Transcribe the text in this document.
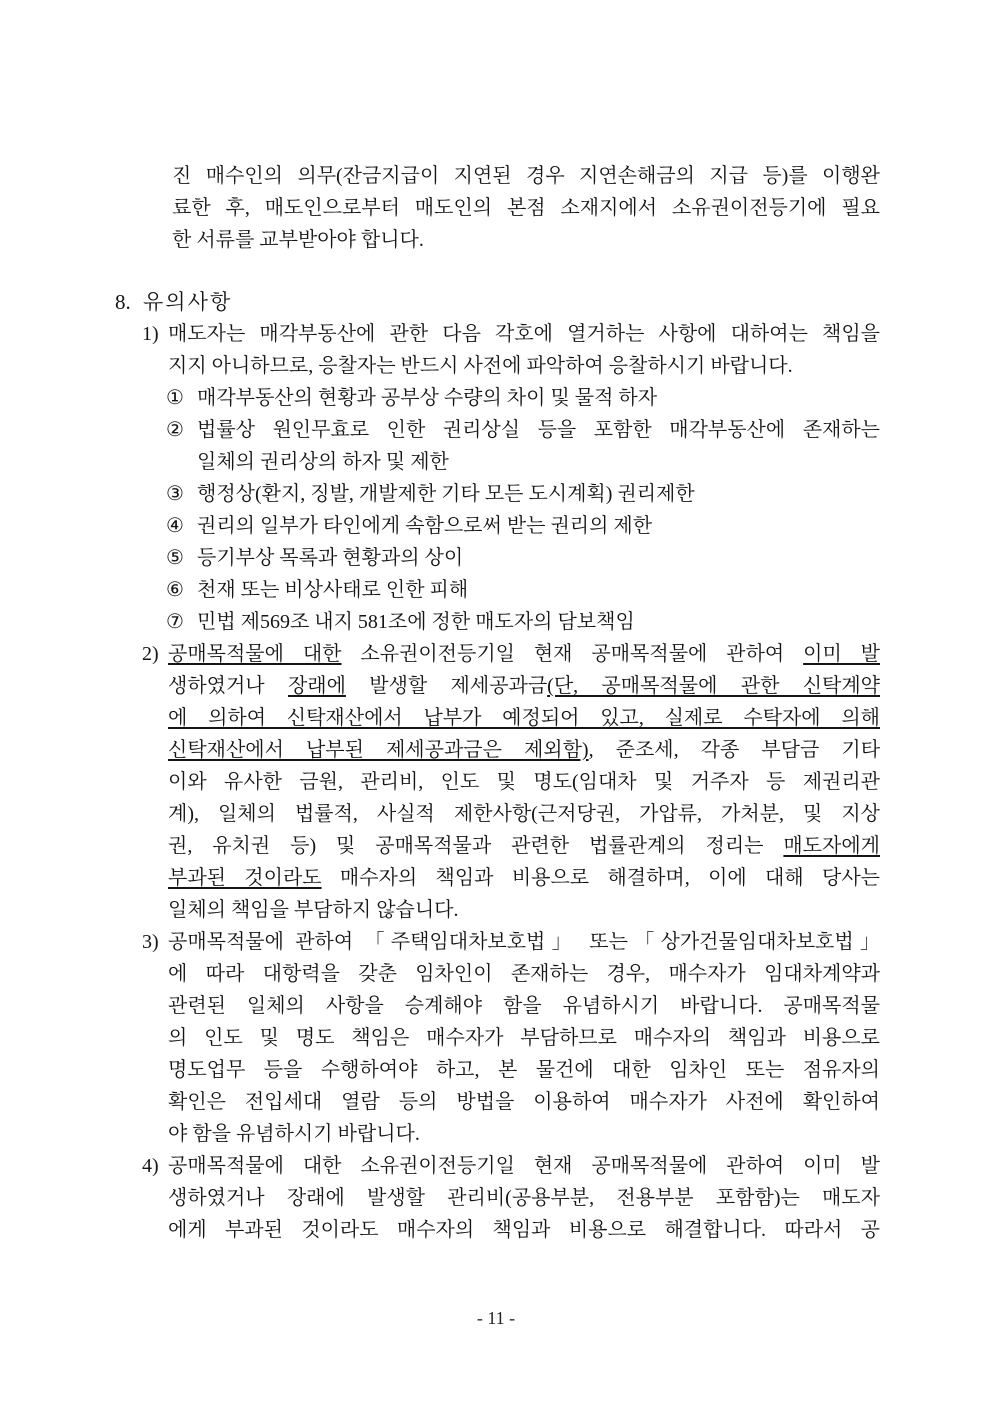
진 매수인의 의무(잔금지급이 지연된 경우 지연손해금의 지급 등)를 이행완
료한 후, 매도인으로부터 매도인의 본점 소재지에서 소유권이전등기에 필요
한 서류를 교부받아야 합니다.
8. 유의사항
1) 매도자는 매각부동산에 관한 다음 각호에 열거하는 사항에 대하여는 책임을
지지 아니하므로, 응찰자는 반드시 사전에 파악하여 응찰하시기 바랍니다.
① 매각부동산의 현황과 공부상 수량의 차이 및 물적 하자
② 법률상 원인무효로 인한 권리상실 등을 포함한 매각부동산에 존재하는
일체의 권리상의 하자 및 제한
③ 행정상(환지, 징발, 개발제한 기타 모든 도시계획) 권리제한
④ 권리의 일부가 타인에게 속함으로써 받는 권리의 제한
⑤ 등기부상 목록과 현황과의 상이
⑥ 천재 또는 비상사태로 인한 피해
⑦ 민법 제569조 내지 581조에 정한 매도자의 담보책임
2) 공매목적물에 대한 소유권이전등기일 현재 공매목적물에 관하여 이미 발
생하였거나 장래에 발생할 제세공과금(단, 공매목적물에 관한 신탁계약
에 의하여 신탁재산에서 납부가 예정되어 있고, 실제로 수탁자에 의해
신탁재산에서 납부된 제세공과금은 제외함), 준조세, 각종 부담금 기타
이와 유사한 금원, 관리비, 인도 및 명도(임대차 및 거주자 등 제권리관
계), 일체의 법률적, 사실적 제한사항(근저당권, 가압류, 가처분, 및 지상
권, 유치권 등) 및 공매목적물과 관련한 법률관계의 정리는 매도자에게
부과된 것이라도 매수자의 책임과 비용으로 해결하며, 이에 대해 당사는
일체의 책임을 부담하지 않습니다.
3) 공매목적물에 관하여 「주택임대차보호법」 또는「상가건물임대차보호법」
에 따라 대항력을 갖춘 임차인이 존재하는 경우, 매수자가 임대차계약과
관련된 일체의 사항을 승계해야 함을 유념하시기 바랍니다. 공매목적물
의 인도 및 명도 책임은 매수자가 부담하므로 매수자의 책임과 비용으로
명도업무 등을 수행하여야 하고, 본 물건에 대한 임차인 또는 점유자의
확인은 전입세대 열람 등의 방법을 이용하여 매수자가 사전에 확인하여
야 함을 유념하시기 바랍니다.
4) 공매목적물에 대한 소유권이전등기일 현재 공매목적물에 관하여 이미 발
생하였거나 장래에 발생할 관리비(공용부분, 전용부분 포함함)는 매도자
에게 부과된 것이라도 매수자의 책임과 비용으로 해결합니다. 따라서 공
- 11 -
